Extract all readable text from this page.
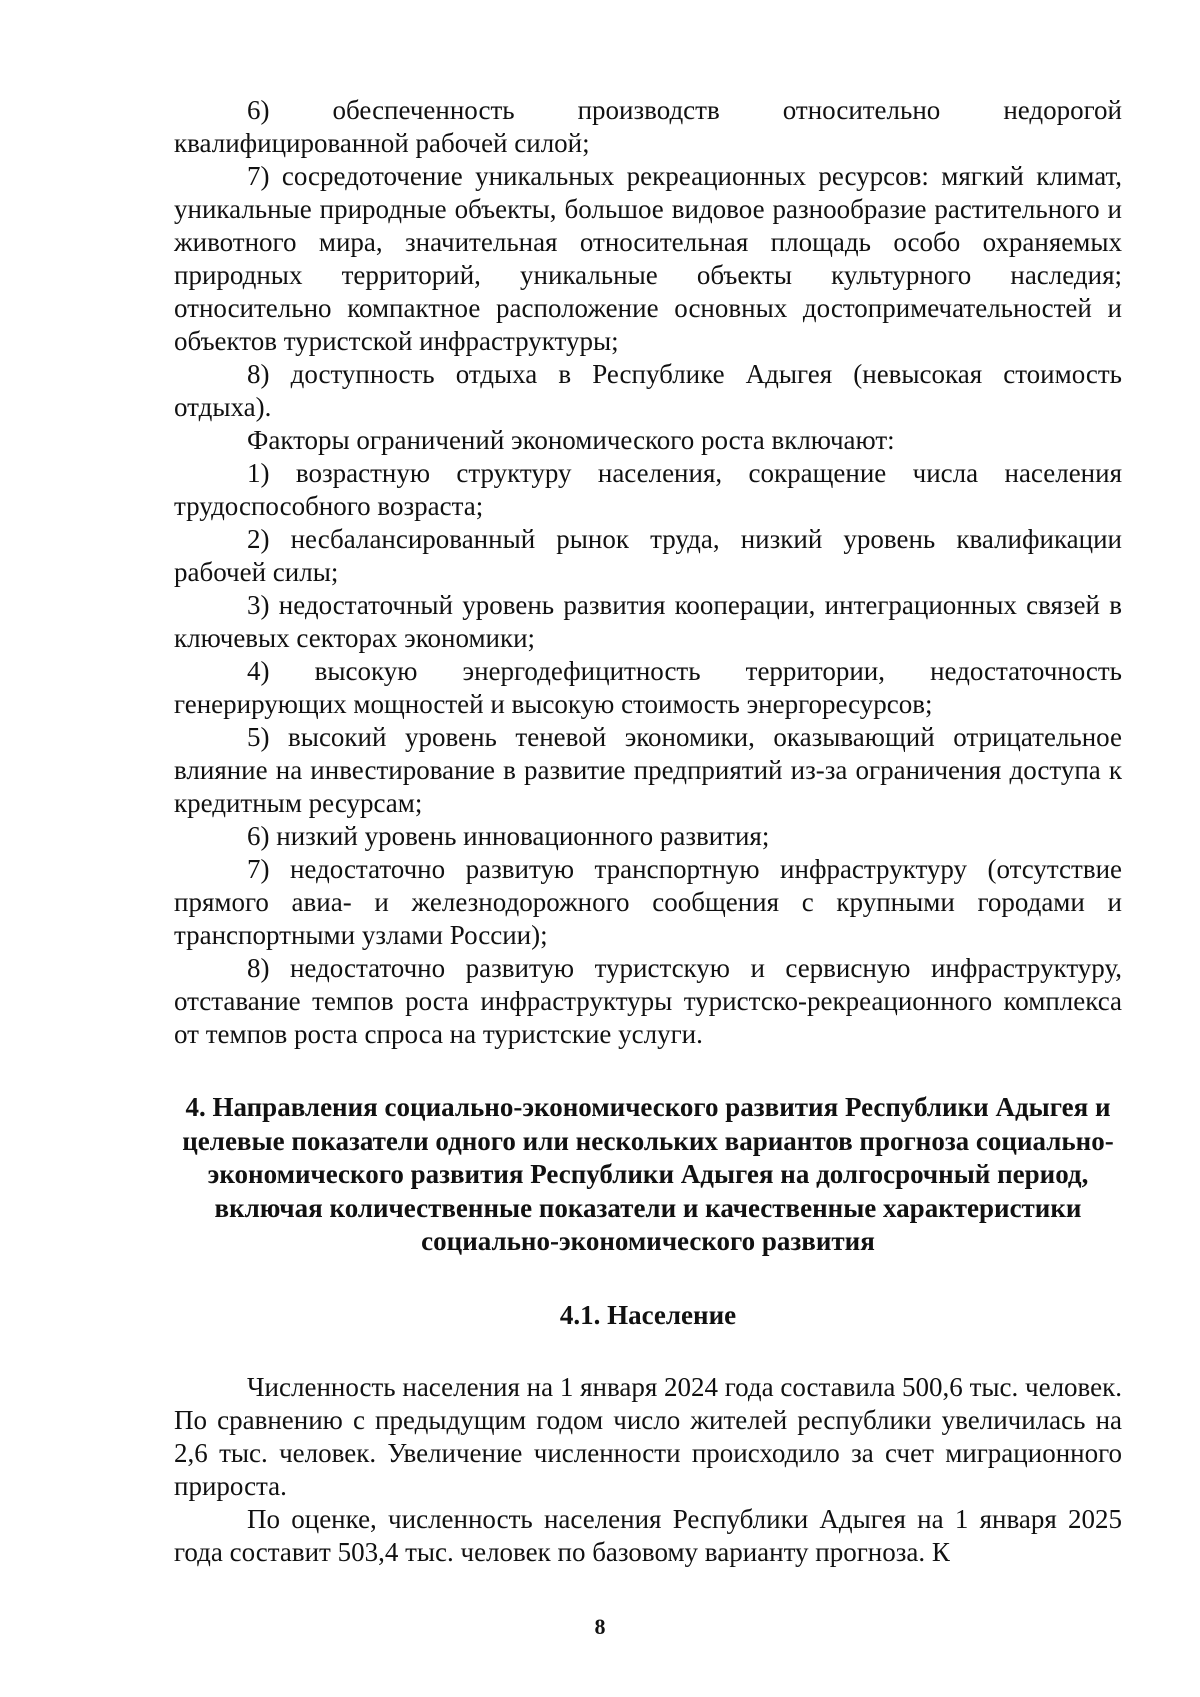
6) обеспеченность производств относительно недорогой квалифицированной рабочей силой;

7) сосредоточение уникальных рекреационных ресурсов: мягкий климат, уникальные природные объекты, большое видовое разнообразие растительного и животного мира, значительная относительная площадь особо охраняемых природных территорий, уникальные объекты культурного наследия; относительно компактное расположение основных достопримечательностей и объектов туристской инфраструктуры;

8) доступность отдыха в Республике Адыгея (невысокая стоимость отдыха).

Факторы ограничений экономического роста включают:

1) возрастную структуру населения, сокращение числа населения трудоспособного возраста;

2) несбалансированный рынок труда, низкий уровень квалификации рабочей силы;

3) недостаточный уровень развития кооперации, интеграционных связей в ключевых секторах экономики;

4) высокую энергодефицитность территории, недостаточность генерирующих мощностей и высокую стоимость энергоресурсов;

5) высокий уровень теневой экономики, оказывающий отрицательное влияние на инвестирование в развитие предприятий из-за ограничения доступа к кредитным ресурсам;

6) низкий уровень инновационного развития;

7) недостаточно развитую транспортную инфраструктуру (отсутствие прямого авиа- и железнодорожного сообщения с крупными городами и транспортными узлами России);

8) недостаточно развитую туристскую и сервисную инфраструктуру, отставание темпов роста инфраструктуры туристско-рекреационного комплекса от темпов роста спроса на туристские услуги.

4. Направления социально-экономического развития Республики Адыгея и целевые показатели одного или нескольких вариантов прогноза социально-экономического развития Республики Адыгея на долгосрочный период, включая количественные показатели и качественные характеристики социально-экономического развития

4.1. Население

Численность населения на 1 января 2024 года составила 500,6 тыс. человек. По сравнению с предыдущим годом число жителей республики увеличилась на 2,6 тыс. человек. Увеличение численности происходило за счет миграционного прироста.

По оценке, численность населения Республики Адыгея на 1 января 2025 года составит 503,4 тыс. человек по базовому варианту прогноза. К

8
